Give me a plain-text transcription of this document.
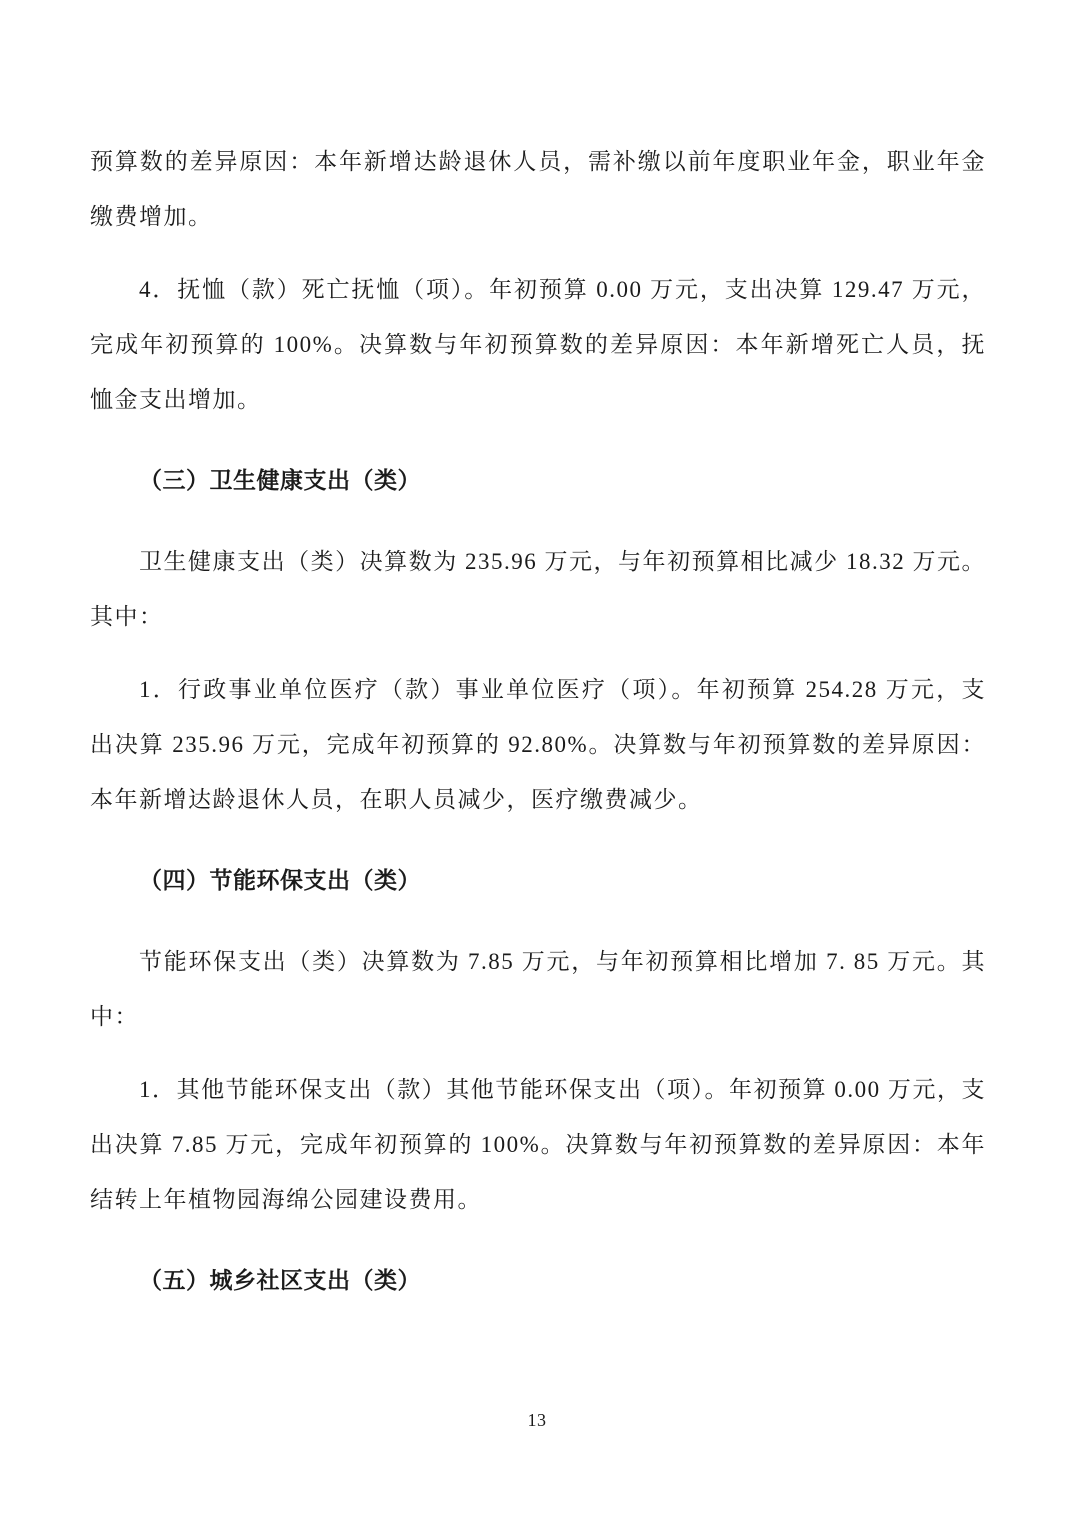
预算数的差异原因：本年新增达龄退休人员，需补缴以前年度职业年金，职业年金缴费增加。

4．抚恤（款）死亡抚恤（项）。年初预算 0.00 万元，支出决算 129.47 万元，完成年初预算的 100%。决算数与年初预算数的差异原因：本年新增死亡人员，抚恤金支出增加。

（三）卫生健康支出（类）

卫生健康支出（类）决算数为 235.96 万元，与年初预算相比减少 18.32 万元。其中：

1．行政事业单位医疗（款）事业单位医疗（项）。年初预算 254.28 万元，支出决算 235.96 万元，完成年初预算的 92.80%。决算数与年初预算数的差异原因：本年新增达龄退休人员，在职人员减少，医疗缴费减少。

（四）节能环保支出（类）

节能环保支出（类）决算数为 7.85 万元，与年初预算相比增加 7. 85 万元。其中：

1．其他节能环保支出（款）其他节能环保支出（项）。年初预算 0.00 万元，支出决算 7.85 万元，完成年初预算的 100%。决算数与年初预算数的差异原因：本年结转上年植物园海绵公园建设费用。

（五）城乡社区支出（类）
13
